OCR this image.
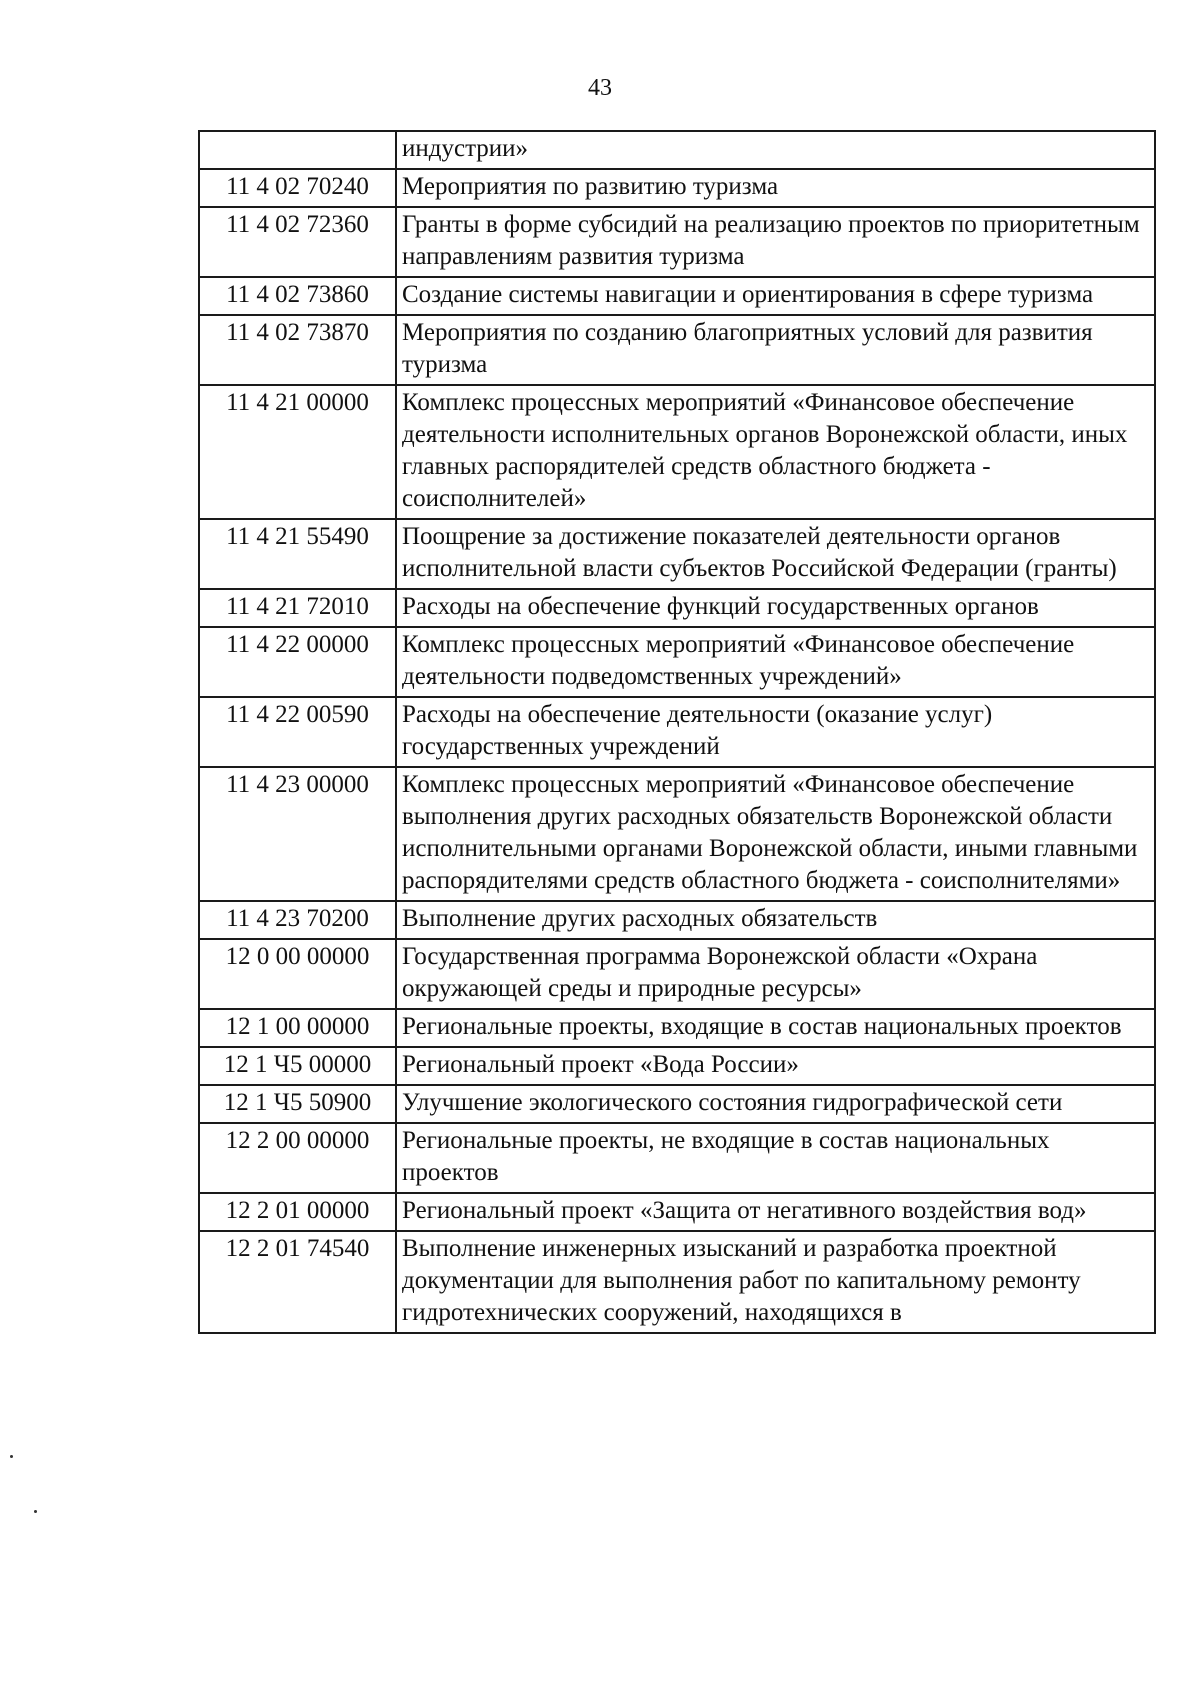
43
	индустрии»
11 4 02 70240	Мероприятия по развитию туризма
11 4 02 72360	Гранты в форме субсидий на реализацию проектов по приоритетным направлениям развития туризма
11 4 02 73860	Создание системы навигации и ориентирования в сфере туризма
11 4 02 73870	Мероприятия по созданию благоприятных условий для развития туризма
11 4 21 00000	Комплекс процессных мероприятий «Финансовое обеспечение деятельности исполнительных органов Воронежской области, иных главных распорядителей средств областного бюджета - соисполнителей»
11 4 21 55490	Поощрение за достижение показателей деятельности органов исполнительной власти субъектов Российской Федерации (гранты)
11 4 21 72010	Расходы на обеспечение функций государственных органов
11 4 22 00000	Комплекс процессных мероприятий «Финансовое обеспечение деятельности подведомственных учреждений»
11 4 22 00590	Расходы на обеспечение деятельности (оказание услуг) государственных учреждений
11 4 23 00000	Комплекс процессных мероприятий «Финансовое обеспечение выполнения других расходных обязательств Воронежской области исполнительными органами Воронежской области, иными главными распорядителями средств областного бюджета - соисполнителями»
11 4 23 70200	Выполнение других расходных обязательств
12 0 00 00000	Государственная программа Воронежской области «Охрана окружающей среды и природные ресурсы»
12 1 00 00000	Региональные проекты, входящие в состав национальных проектов
12 1 Ч5 00000	Региональный проект «Вода России»
12 1 Ч5 50900	Улучшение экологического состояния гидрографической сети
12 2 00 00000	Региональные проекты, не входящие в состав национальных проектов
12 2 01 00000	Региональный проект «Защита от негативного воздействия вод»
12 2 01 74540	Выполнение инженерных изысканий и разработка проектной документации для выполнения работ по капитальному ремонту гидротехнических сооружений, находящихся в
